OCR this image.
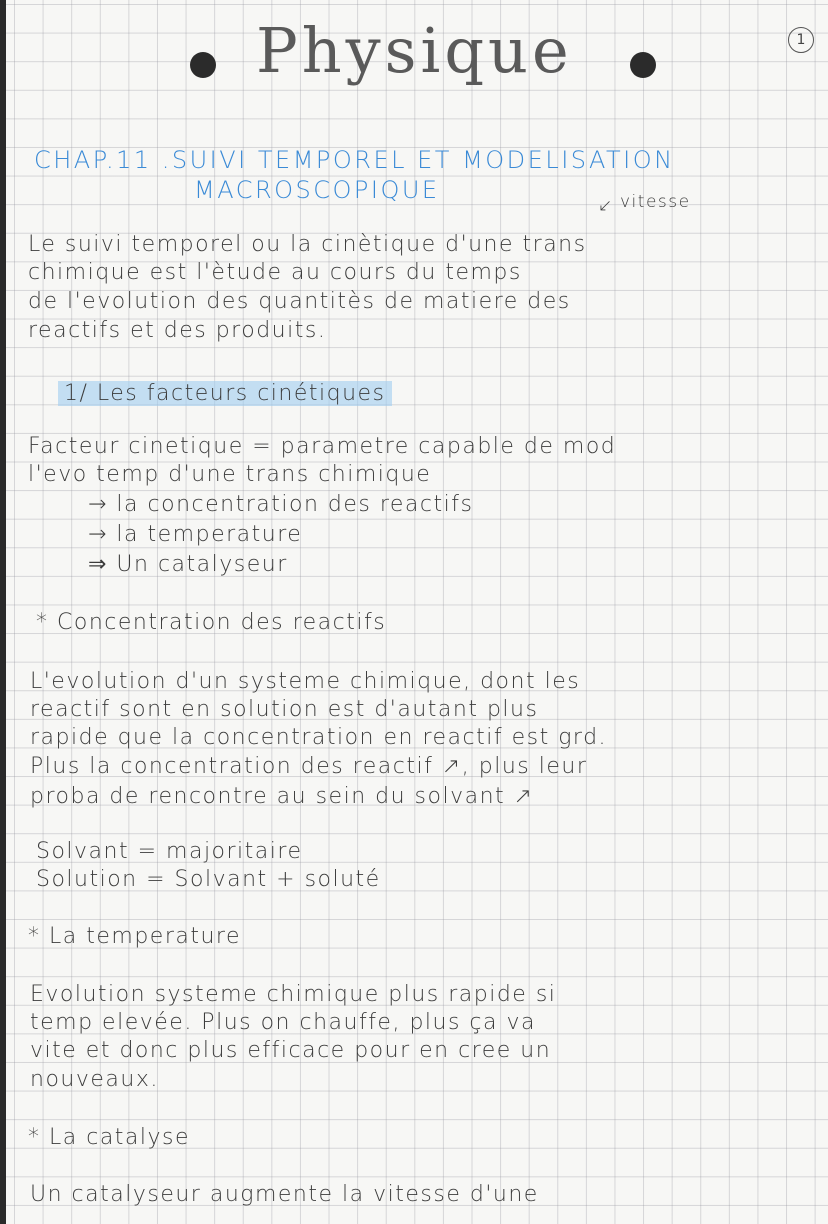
Physique	1
CHAP.11 .SUIVI TEMPOREL ET MODELISATION
MACROSCOPIQUE
↙ vitesse
Le suivi temporel ou la cinètique d'une trans
chimique est l'ètude au cours du temps
de l'evolution des quantitès de matiere des
reactifs et des produits.
1/ Les facteurs cinétiques
Facteur cinetique = parametre capable de mod
l'evo temp d'une trans chimique
→ la concentration des reactifs
→ la temperature
⇒ Un catalyseur
* Concentration des reactifs
L'evolution d'un systeme chimique, dont les
reactif sont en solution est d'autant plus
rapide que la concentration en reactif est grd.
Plus la concentration des reactif ↗, plus leur
proba de rencontre au sein du solvant ↗
Solvant = majoritaire
Solution = Solvant + soluté
* La temperature
Evolution systeme chimique plus rapide si
temp elevée. Plus on chauffe, plus ça va
vite et donc plus efficace pour en cree un
nouveaux.
* La catalyse
Un catalyseur augmente la vitesse d'une
